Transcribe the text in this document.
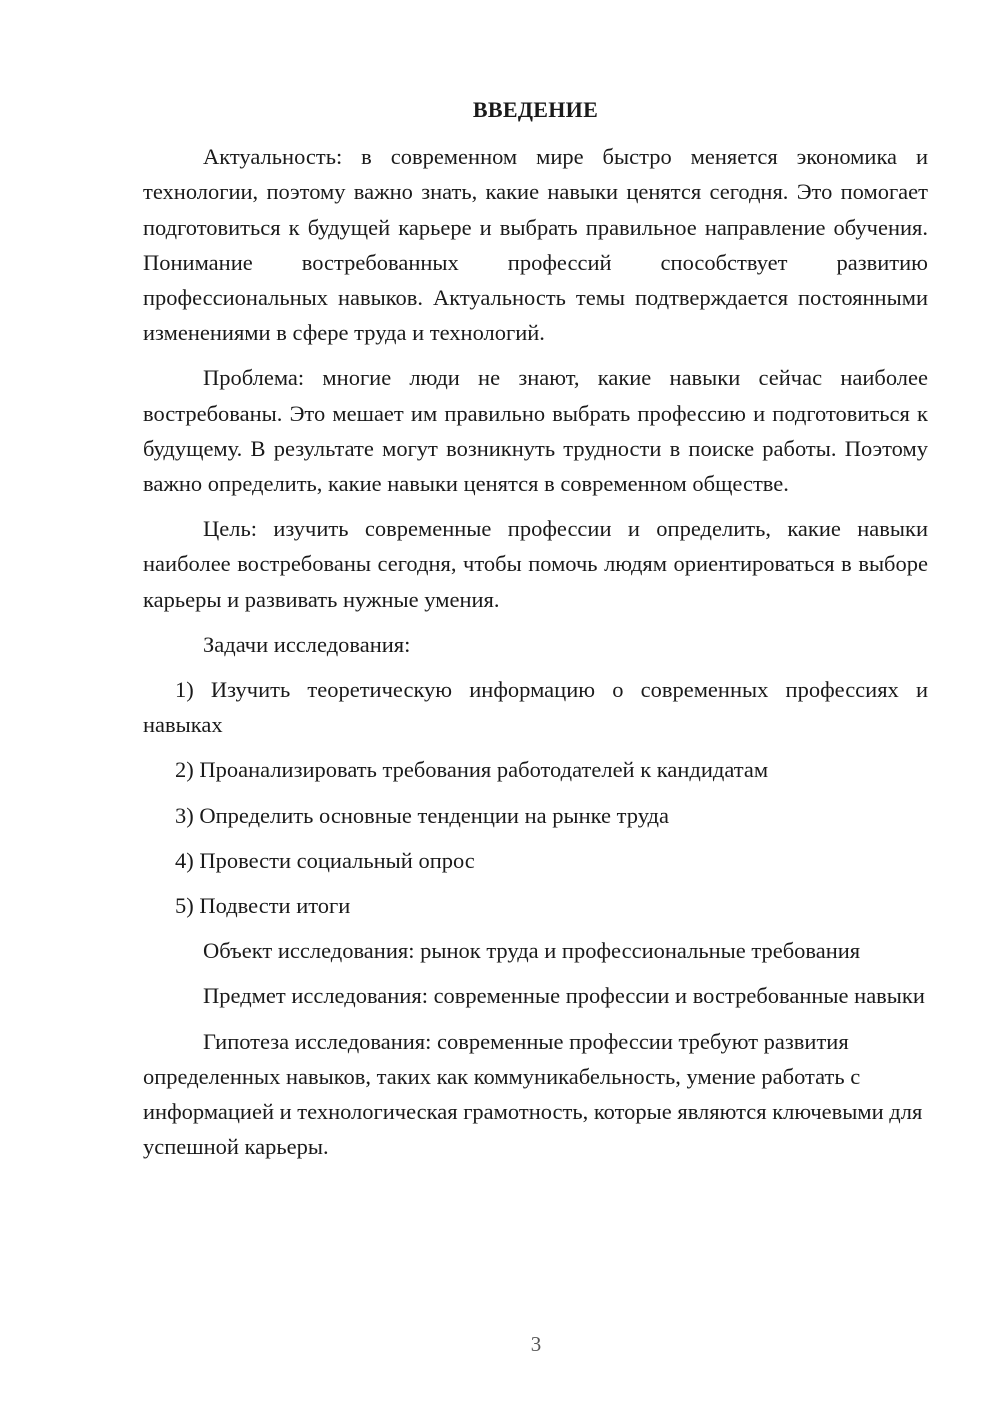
ВВЕДЕНИЕ

Актуальность: в современном мире быстро меняется экономика и технологии, поэтому важно знать, какие навыки ценятся сегодня. Это помогает подготовиться к будущей карьере и выбрать правильное направление обучения. Понимание востребованных профессий способствует развитию профессиональных навыков. Актуальность темы подтверждается постоянными изменениями в сфере труда и технологий.

Проблема: многие люди не знают, какие навыки сейчас наиболее востребованы. Это мешает им правильно выбрать профессию и подготовиться к будущему. В результате могут возникнуть трудности в поиске работы. Поэтому важно определить, какие навыки ценятся в современном обществе.

Цель: изучить современные профессии и определить, какие навыки наиболее востребованы сегодня, чтобы помочь людям ориентироваться в выборе карьеры и развивать нужные умения.

Задачи исследования:

1) Изучить теоретическую информацию о современных профессиях и навыках

2) Проанализировать требования работодателей к кандидатам

3) Определить основные тенденции на рынке труда

4) Провести социальный опрос

5) Подвести итоги

Объект исследования: рынок труда и профессиональные требования

Предмет исследования: современные профессии и востребованные навыки

Гипотеза исследования: современные профессии требуют развития определенных навыков, таких как коммуникабельность, умение работать с информацией и технологическая грамотность, которые являются ключевыми для успешной карьеры.

3
